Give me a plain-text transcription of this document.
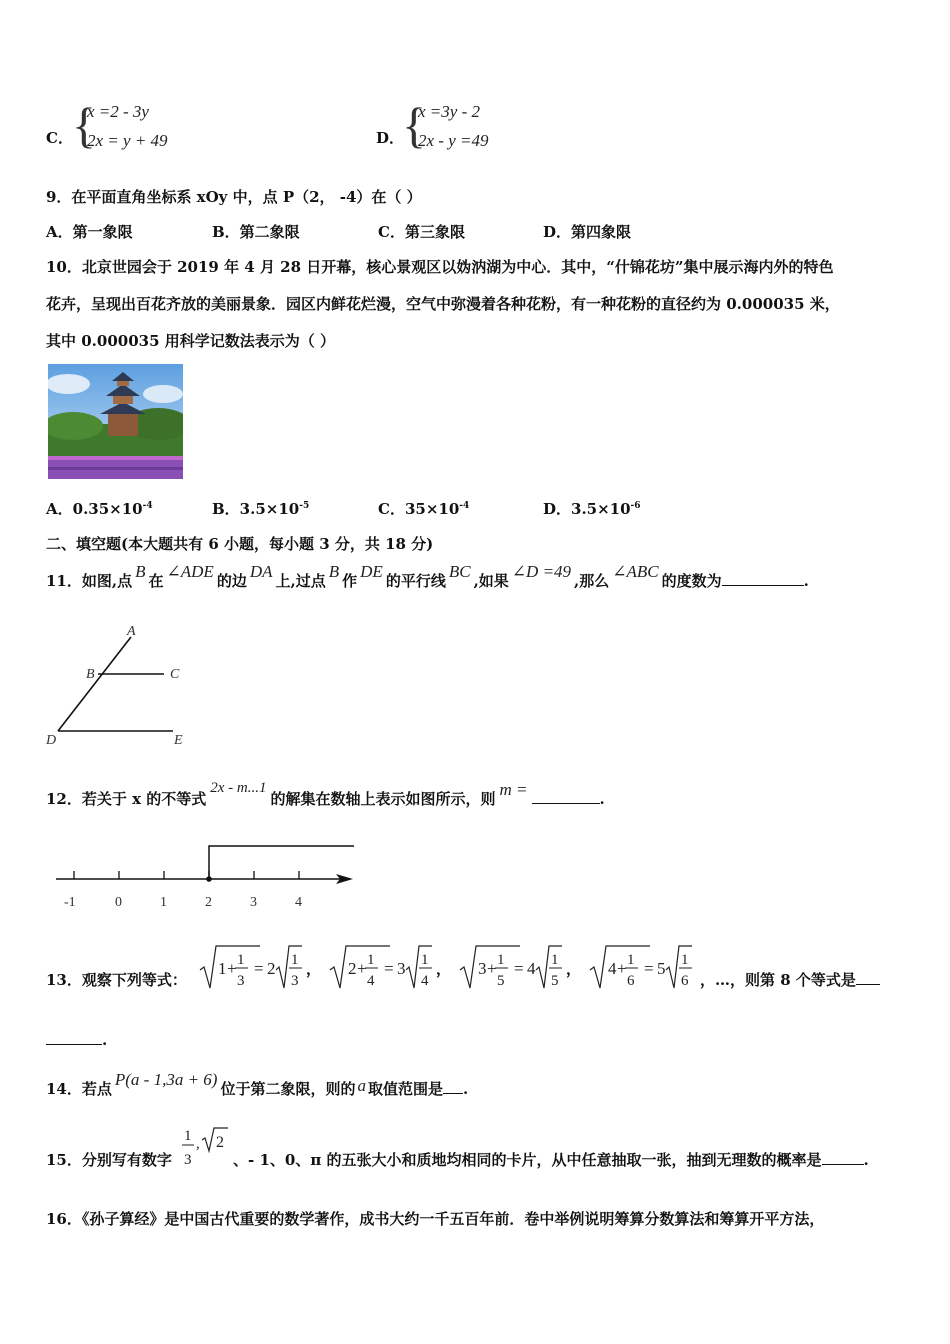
C． {
x =2 - 3y
2x = y + 49	D．
{
x =3y - 2
2x - y =49
9．在平面直角坐标系 xOy 中，点 P（2， -4）在（ ）
A．第一象限	B．第二象限	C．第三象限	D．第四象限
10．北京世园会于 2019 年 4 月 28 日开幕，核心景观区以妫汭湖为中心．其中，“什锦花坊”集中展示海内外的特色
花卉，呈现出百花齐放的美丽景象．园区内鲜花烂漫，空气中弥漫着各种花粉，有一种花粉的直径约为 0.000035 米，
其中 0.000035 用科学记数法表示为（ ）
A．$0.35\times 10^{-4}$	B．$3.5\times 10^{-5}$	C．$35\times 10^{-4}$	D．$3.5\times 10^{-6}$
二、填空题(本大题共有 6 小题，每小题 3 分，共 18 分)
11．如图,点 B 在 ∠ADE 的边 DA 上,过点 B 作 DE 的平行线 BC ,如果 ∠D =49 ,那么 ∠ABC 的度数为	.
A
B	C
D	E
12．若关于 x 的不等式2x - m...1的解集在数轴上表示如图所示，则 m =	.
-1	0	1	2	3	4
13．观察下列等式：
1 + 1
3
= 2 1
3
， 2 + 1
4
= 3 1
4
， 3 + 1
5
= 4 1
5
， 4 + 1
6
= 5 1
6 ，…，则第 8 个等式是
.
14．若点 P(a - 1,3a + 6) 位于第二象限，则的 a 取值范围是 .
15．分别写有数字
1
3
, 2
、- 1、0、π 的五张大小和质地均相同的卡片，从中任意抽取一张，抽到无理数的概率是	.
16．《孙子算经》是中国古代重要的数学著作，成书大约一千五百年前．卷中举例说明筹算分数算法和筹算开平方法，
